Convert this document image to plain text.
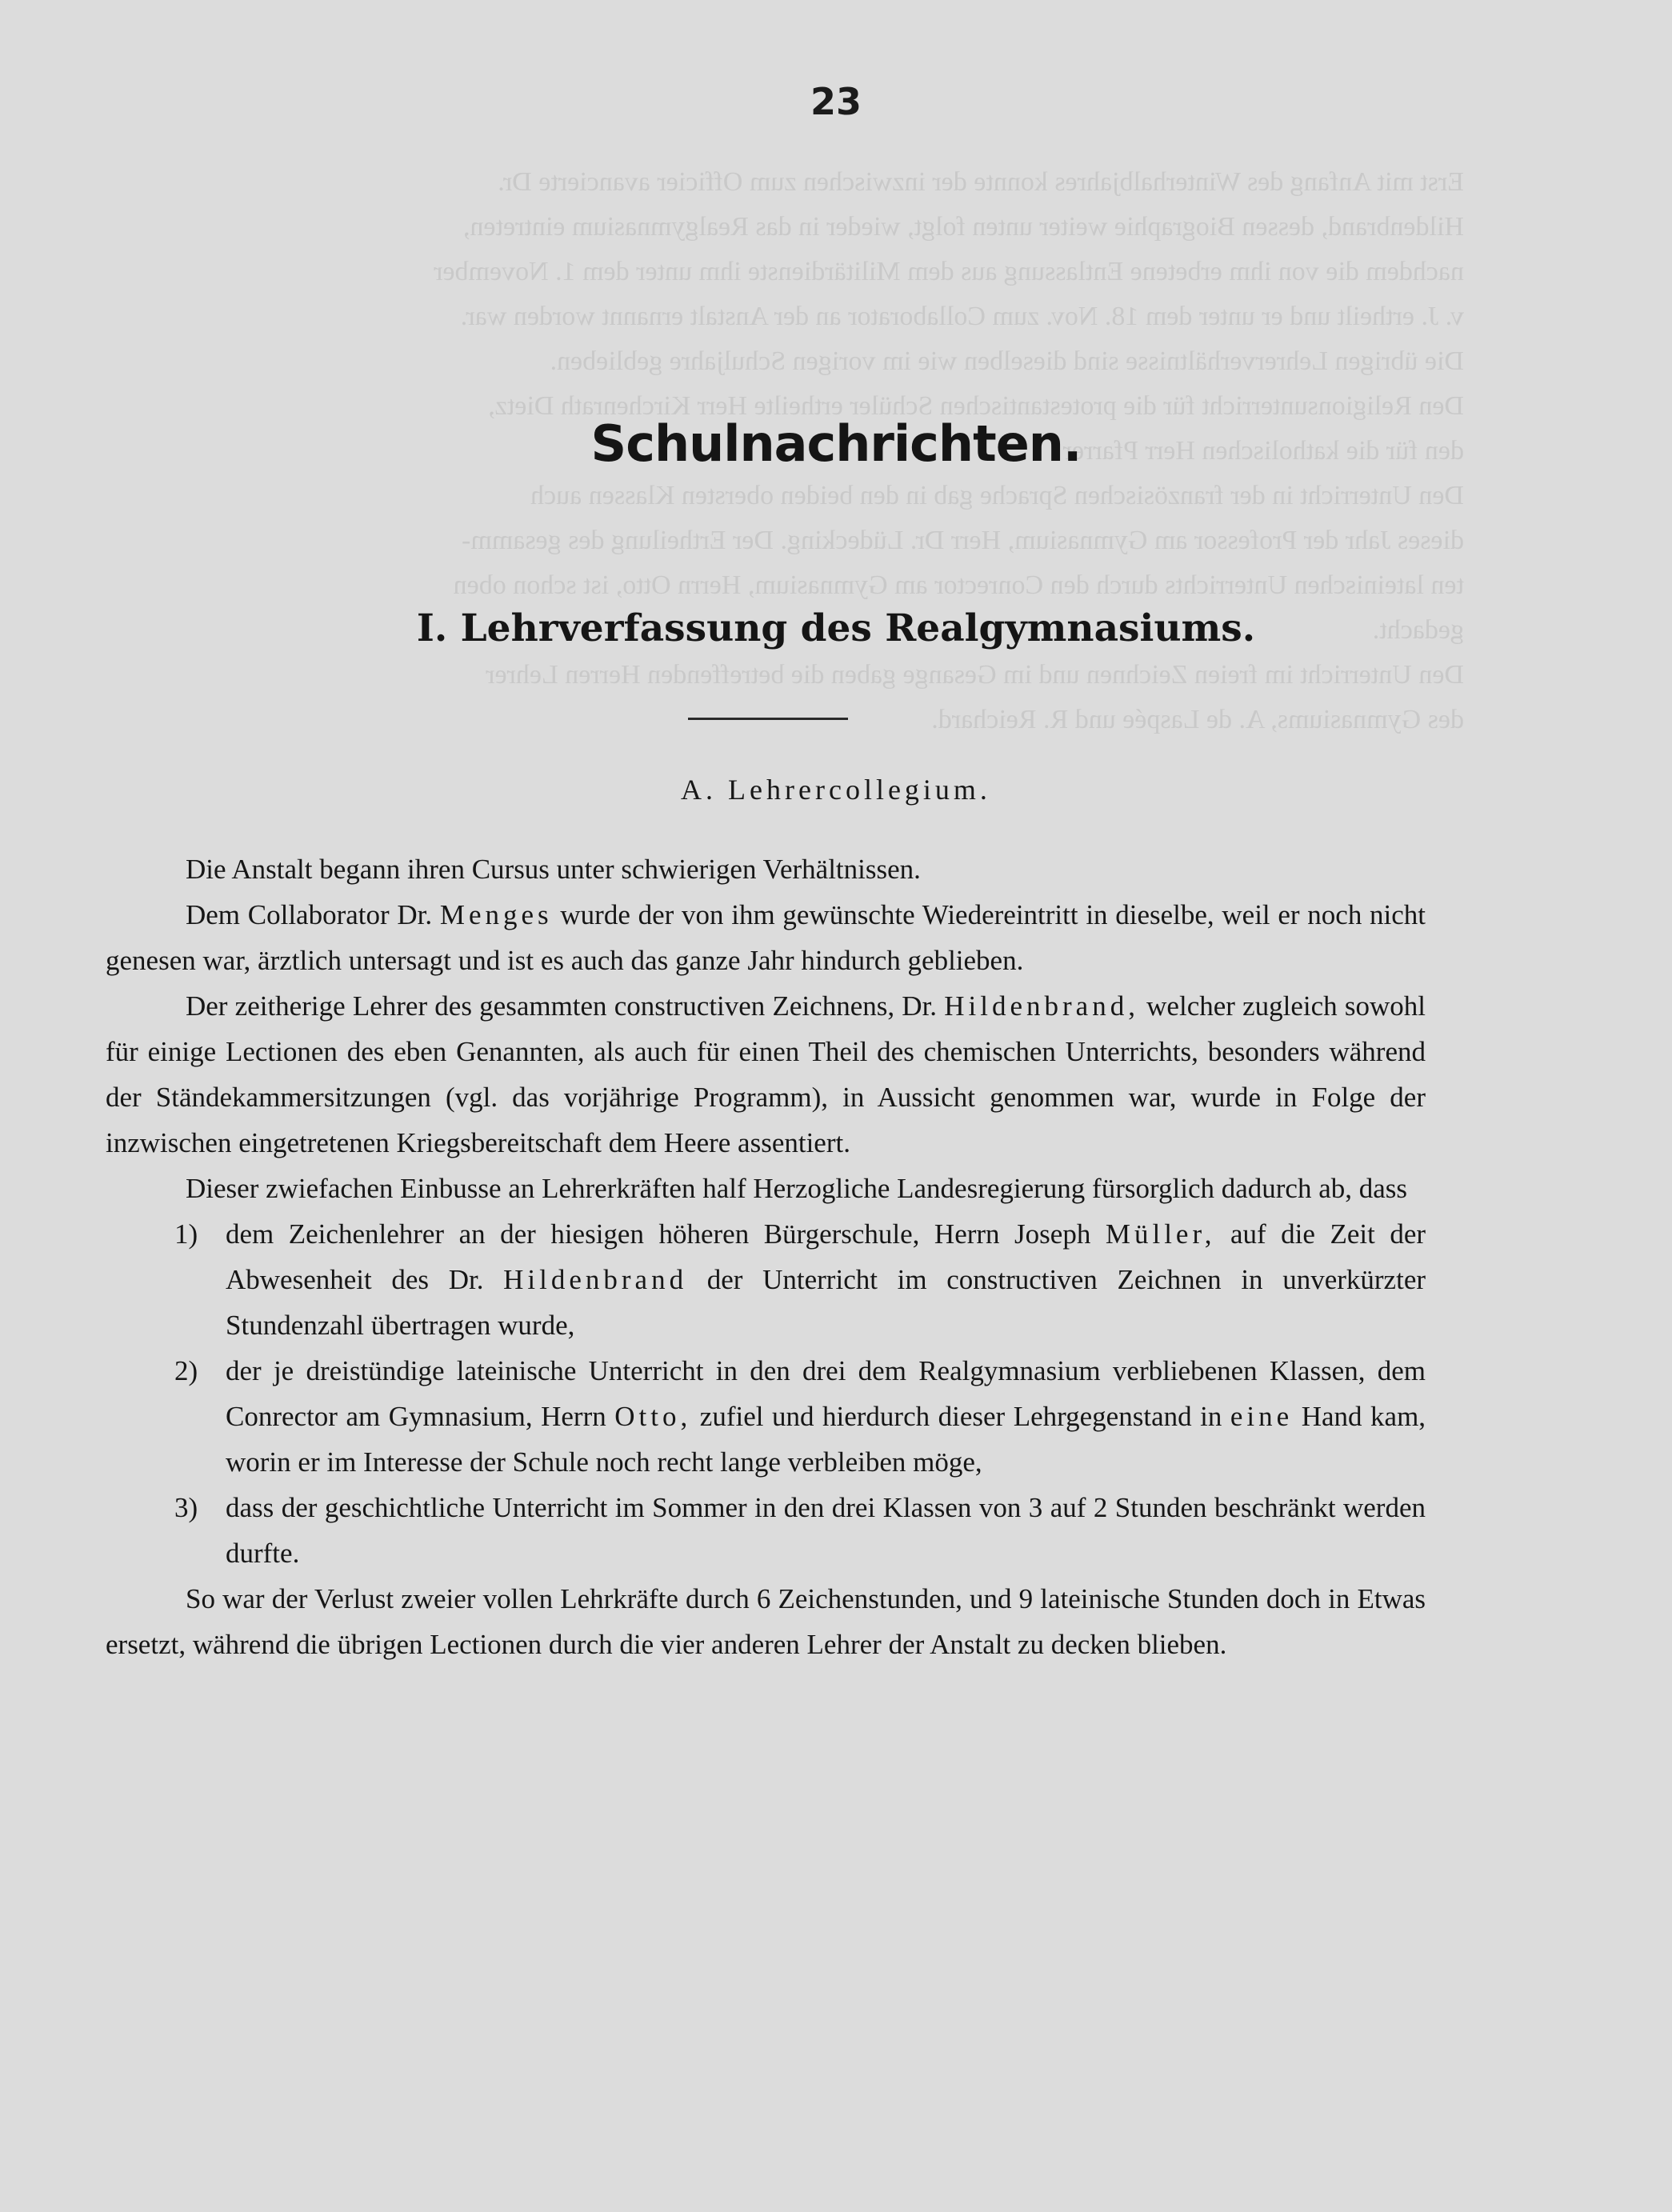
Erst mit Anfang des Winterhalbjahres konnte der inzwischen zum Officier avancierte Dr.
Hildenbrand, dessen Biographie weiter unten folgt, wieder in das Realgymnasium eintreten,
nachdem die von ihm erbetene Entlassung aus dem Militärdienste ihm unter dem 1. November
v. J. ertheilt und er unter dem 18. Nov. zum Collaborator an der Anstalt ernannt worden war.
Die übrigen Lehrerverhältnisse sind dieselben wie im vorigen Schuljahre geblieben.
Den Religionsunterricht für die protestantischen Schüler ertheilte Herr Kirchenrath Dietz,
den für die katholischen Herr Pfarrer
Den Unterricht in der französischen Sprache gab in den beiden obersten Klassen auch
dieses Jahr der Professor am Gymnasium, Herr Dr. Lüdecking. Der Ertheilung des gesamm-
ten lateinischen Unterrichts durch den Conrector am Gymnasium, Herrn Otto, ist schon oben
gedacht.
Den Unterricht im freien Zeichnen und im Gesange gaben die betreffenden Herren Lehrer
des Gymnasiums, A. de Laspée und R. Reichard.
23
Schulnachrichten.
I. Lehrverfassung des Realgymnasiums.
A. Lehrercollegium.

Die Anstalt begann ihren Cursus unter schwierigen Verhältnissen.

Dem Collaborator Dr. Menges wurde der von ihm gewünschte Wiedereintritt in dieselbe, weil er noch nicht genesen war, ärztlich untersagt und ist es auch das ganze Jahr hindurch geblieben.

Der zeitherige Lehrer des gesammten constructiven Zeichnens, Dr. Hildenbrand, welcher zugleich sowohl für einige Lectionen des eben Genannten, als auch für einen Theil des chemischen Unterrichts, besonders während der Ständekammersitzungen (vgl. das vorjährige Programm), in Aussicht genommen war, wurde in Folge der inzwischen eingetretenen Kriegsbereitschaft dem Heere assentiert.

Dieser zwiefachen Einbusse an Lehrerkräften half Herzogliche Landesregierung fürsorglich dadurch ab, dass

1) dem Zeichenlehrer an der hiesigen höheren Bürgerschule, Herrn Joseph Müller, auf die Zeit der Abwesenheit des Dr. Hildenbrand der Unterricht im constructiven Zeichnen in unverkürzter Stundenzahl übertragen wurde,
2) der je dreistündige lateinische Unterricht in den drei dem Realgymnasium verbliebenen Klassen, dem Conrector am Gymnasium, Herrn Otto, zufiel und hierdurch dieser Lehrgegenstand in eine Hand kam, worin er im Interesse der Schule noch recht lange verbleiben möge,
3) dass der geschichtliche Unterricht im Sommer in den drei Klassen von 3 auf 2 Stunden beschränkt werden durfte.

So war der Verlust zweier vollen Lehrkräfte durch 6 Zeichenstunden, und 9 lateinische Stunden doch in Etwas ersetzt, während die übrigen Lectionen durch die vier anderen Lehrer der Anstalt zu decken blieben.
